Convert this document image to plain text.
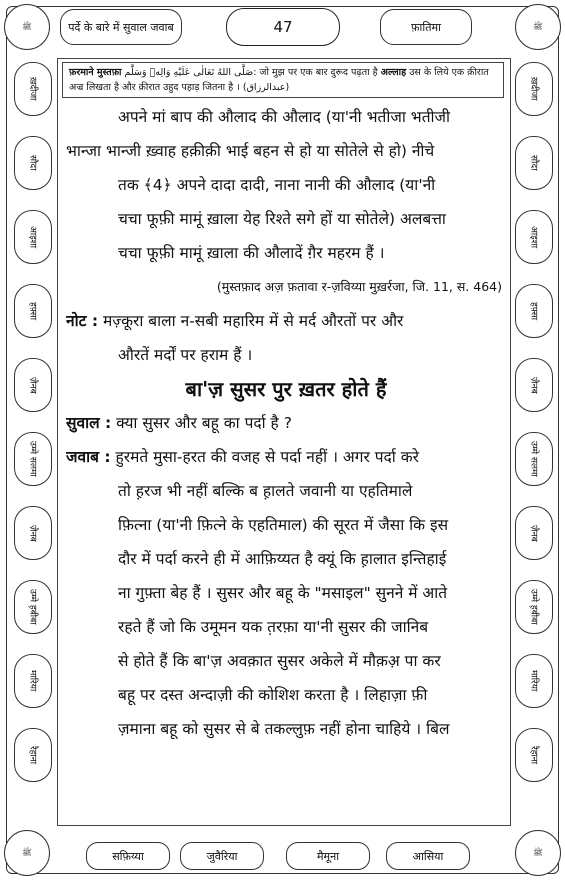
पर्दे के बारे में सुवाल जवाब	47	फ़ातिमा
ﷺ	ﷺ
ﷺ	ﷺ
ख़दीजा
सौदा
आइशा
हफ़्सा
ज़ैनब
उम्मे सलमा
ज़ैनब
उम्मे ह़बीबा
मारिया
रैहाना
ख़दीजा
सौदा
आइशा
हफ़्सा
ज़ैनब
उम्मे सलमा
ज़ैनब
उम्मे ह़बीबा
मारिया
रैहाना
फ़रमाने मुस्तफ़ा صَلَّى اللهُ تَعَالٰى عَلَيْهِ وَالِهٖ وَسَلَّم: जो मुझ पर एक बार दुरूद पढ़ता है अल्लाह उस के लिये एक क़ीरात
अज्र लिखता है और क़ीरात उहुद पहाड़ जितना है । (عبدالرزاق)
अपने मां बाप की औलाद की औलाद (या'नी भतीजा भतीजी
भान्जा भान्जी ख़्वाह हक़ीक़ी भाई बहन से हो या सोतेले से हो) नीचे
तक ﴾4﴿ अपने दादा दादी, नाना नानी की औलाद (या'नी
चचा फूफ़ी मामूं ख़ाला येह रिश्ते सगे हों या सोतेले) अलबत्ता
चचा फूफ़ी मामूं ख़ाला की औलादें ग़ैर महरम हैं ।
(मुस्तफ़ाद अज़ फ़तावा र-ज़विय्या मुख़र्रजा, जि. 11, स. 464)
नोट : मज़्कूरा बाला न-सबी महारिम में से मर्द औरतों पर और
औरतें मर्दों पर हराम हैं ।
बा'ज़ सुसर पुर ख़तर होते हैं
सुवाल : क्या सुसर और बहू का पर्दा है ?
जवाब : हुरमते मुसा-हरत की वजह से पर्दा नहीं । अगर पर्दा करे
तो ह़रज भी नहीं बल्कि ब ह़ालते जवानी या एहतिमाले
फ़ित्ना (या'नी फ़ित्ने के एहतिमाल) की सूरत में जैसा कि इस
दौर में पर्दा करने ही में आफ़िय्यत है क्यूं कि ह़ालात इन्तिहाई
ना गुफ़्ता बेह हैं । सुसर और बहू के "मसाइल" सुनने में आते
रहते हैं जो कि उमूमन यक त़रफ़ा या'नी सुसर की जानिब
से होते हैं कि बा'ज़ अवक़ात सुसर अकेले में मौक़अ़ पा कर
बहू पर दस्त अन्दाज़ी की कोशिश करता है । लिहाज़ा फ़ी
ज़माना बहू को सुसर से बे तकल्लुफ़ नहीं होना चाहिये । बिल
सफ़िय्या	जुवैरिया	मैमूना	आसिया
